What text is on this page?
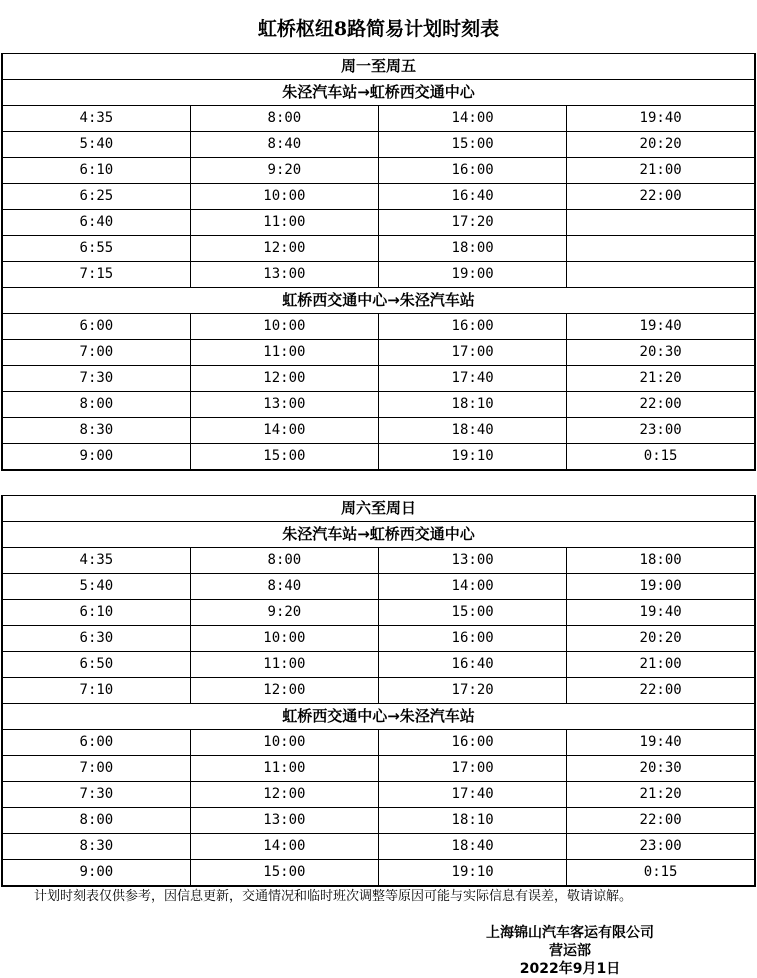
虹桥枢纽8路简易计划时刻表
周一至周五			
朱泾汽车站→虹桥西交通中心			
4:35	8:00	14:00	19:40
5:40	8:40	15:00	20:20
6:10	9:20	16:00	21:00
6:25	10:00	16:40	22:00
6:40	11:00	17:20	
6:55	12:00	18:00	
7:15	13:00	19:00	
虹桥西交通中心→朱泾汽车站			
6:00	10:00	16:00	19:40
7:00	11:00	17:00	20:30
7:30	12:00	17:40	21:20
8:00	13:00	18:10	22:00
8:30	14:00	18:40	23:00
9:00	15:00	19:10	0:15
周六至周日			
朱泾汽车站→虹桥西交通中心			
4:35	8:00	13:00	18:00
5:40	8:40	14:00	19:00
6:10	9:20	15:00	19:40
6:30	10:00	16:00	20:20
6:50	11:00	16:40	21:00
7:10	12:00	17:20	22:00
虹桥西交通中心→朱泾汽车站			
6:00	10:00	16:00	19:40
7:00	11:00	17:00	20:30
7:30	12:00	17:40	21:20
8:00	13:00	18:10	22:00
8:30	14:00	18:40	23:00
9:00	15:00	19:10	0:15
计划时刻表仅供参考，因信息更新，交通情况和临时班次调整等原因可能与实际信息有误差，敬请谅解。
上海锦山汽车客运有限公司
营运部
2022年9月1日
